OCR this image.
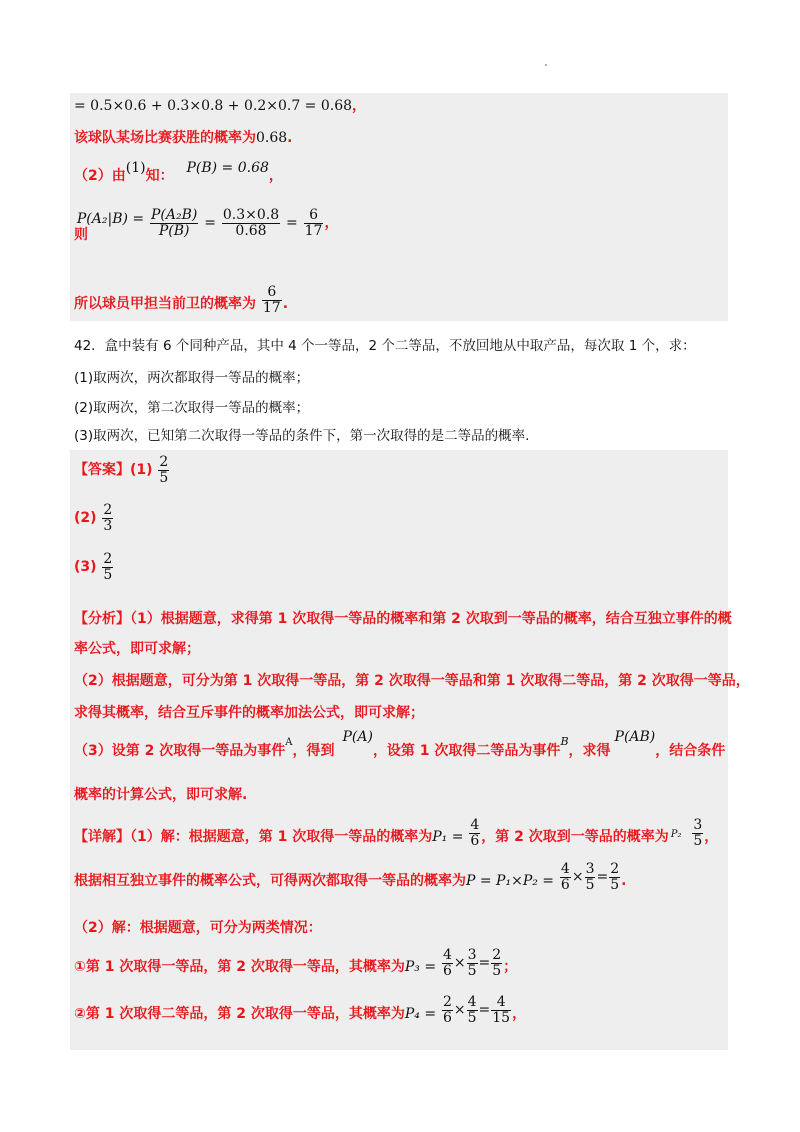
= 0.5×0.6 + 0.3×0.8 + 0.2×0.7 = 0.68，
该球队某场比赛获胜的概率为0.68.
（2）由(1)知： P(B) = 0.68，
则 $P(A_2|B) = \frac{\text{P(A₂B)}}{P(B)} = \frac{0.3\times 0.8}{0.68} = \frac{6}{17}$ ，
所以球员甲担当前卫的概率为 $\frac{6}{17}$ .
42．盒中装有 6 个同种产品，其中 4 个一等品，2 个二等品，不放回地从中取产品，每次取 1 个，求：
(1)取两次，两次都取得一等品的概率；
(2)取两次，第二次取得一等品的概率；
(3)取两次，已知第二次取得一等品的条件下，第一次取得的是二等品的概率.
【答案】$(1) \frac{2}{5}$
$(2) \frac{2}{3}$
$(3) \frac{2}{5}$
【分析】（1）根据题意，求得第 1 次取得一等品的概率和第 2 次取到一等品的概率，结合互独立事件的概
率公式，即可求解；
（2）根据题意，可分为第 1 次取得一等品，第 2 次取得一等品和第 1 次取得二等品，第 2 次取得一等品，
求得其概率，结合互斥事件的概率加法公式，即可求解；
（3）设第 2 次取得一等品为事件$^A$，得到P(A)，设第 1 次取得二等品为事件$^B$，求得P(AB)，结合条件
概率的计算公式，即可求解.
【详解】（1）解：根据题意，第 1 次取得一等品的概率为$P_1 = \frac{4}{6}$ ，第 2 次取到一等品的概率为 $P_2 \frac{3}{5}$ ，
根据相互独立事件的概率公式，可得两次都取得一等品的概率为$P = P_1\times P_2 = \frac{4}{6} \times \frac{3}{5} = \frac{2}{5}$ .
（2）解：根据题意，可分为两类情况：
①第 1 次取得一等品，第 2 次取得一等品，其概率为$P_3 = \frac{4}{6} \times \frac{3}{5} = \frac{2}{5}$ ；
②第 1 次取得二等品，第 2 次取得一等品，其概率为$P_4 = \frac{2}{6} \times \frac{4}{5} = \frac{4}{15}$ ，
